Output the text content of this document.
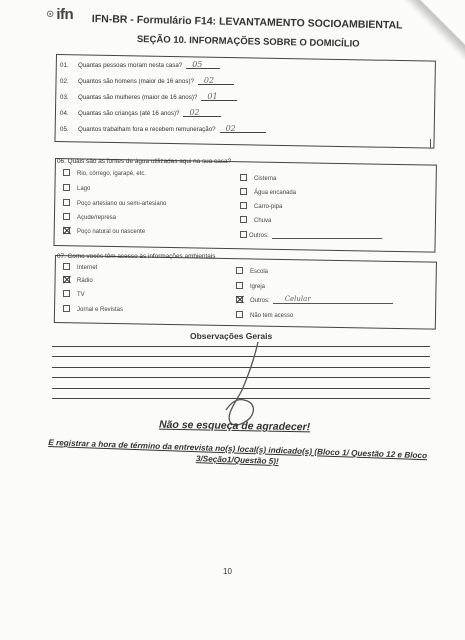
⊙ ifn IFN-BR - Formulário F14: LEVANTAMENTO SOCIOAMBIENTAL
SEÇÃO 10. INFORMAÇÕES SOBRE O DOMICÍLIO
01. Quantas pessoas moram nesta casa? 05
02. Quantos são homens (maior de 16 anos)? 02
03. Quantas são mulheres (maior de 16 anos)? 01
04. Quantas são crianças (até 16 anos)? 02
05. Quantos trabalham fora e recebem remuneração? 02
06. Quais são as fontes de água utilizadas aqui na sua casa?
Rio, córrego, igarapé, etc.
Lago
Poço artesiano ou semi-artesiano
Açude/represa
Poço natural ou nascente
Cisterna
Água encanada
Carro-pipa
Chuva
Outros:
07. Como vocês têm acesso às informações ambientais
Internet
Rádio
TV
Jornal e Revistas
Escola
Igreja
Outros: Celular
Não tem acesso
Observações Gerais
Não se esqueça de agradecer!
E registrar a hora de término da entrevista no(s) local(s) indicado(s) (Bloco 1/ Questão 12 e Bloco 3/Seção1/Questão 5)!
10
